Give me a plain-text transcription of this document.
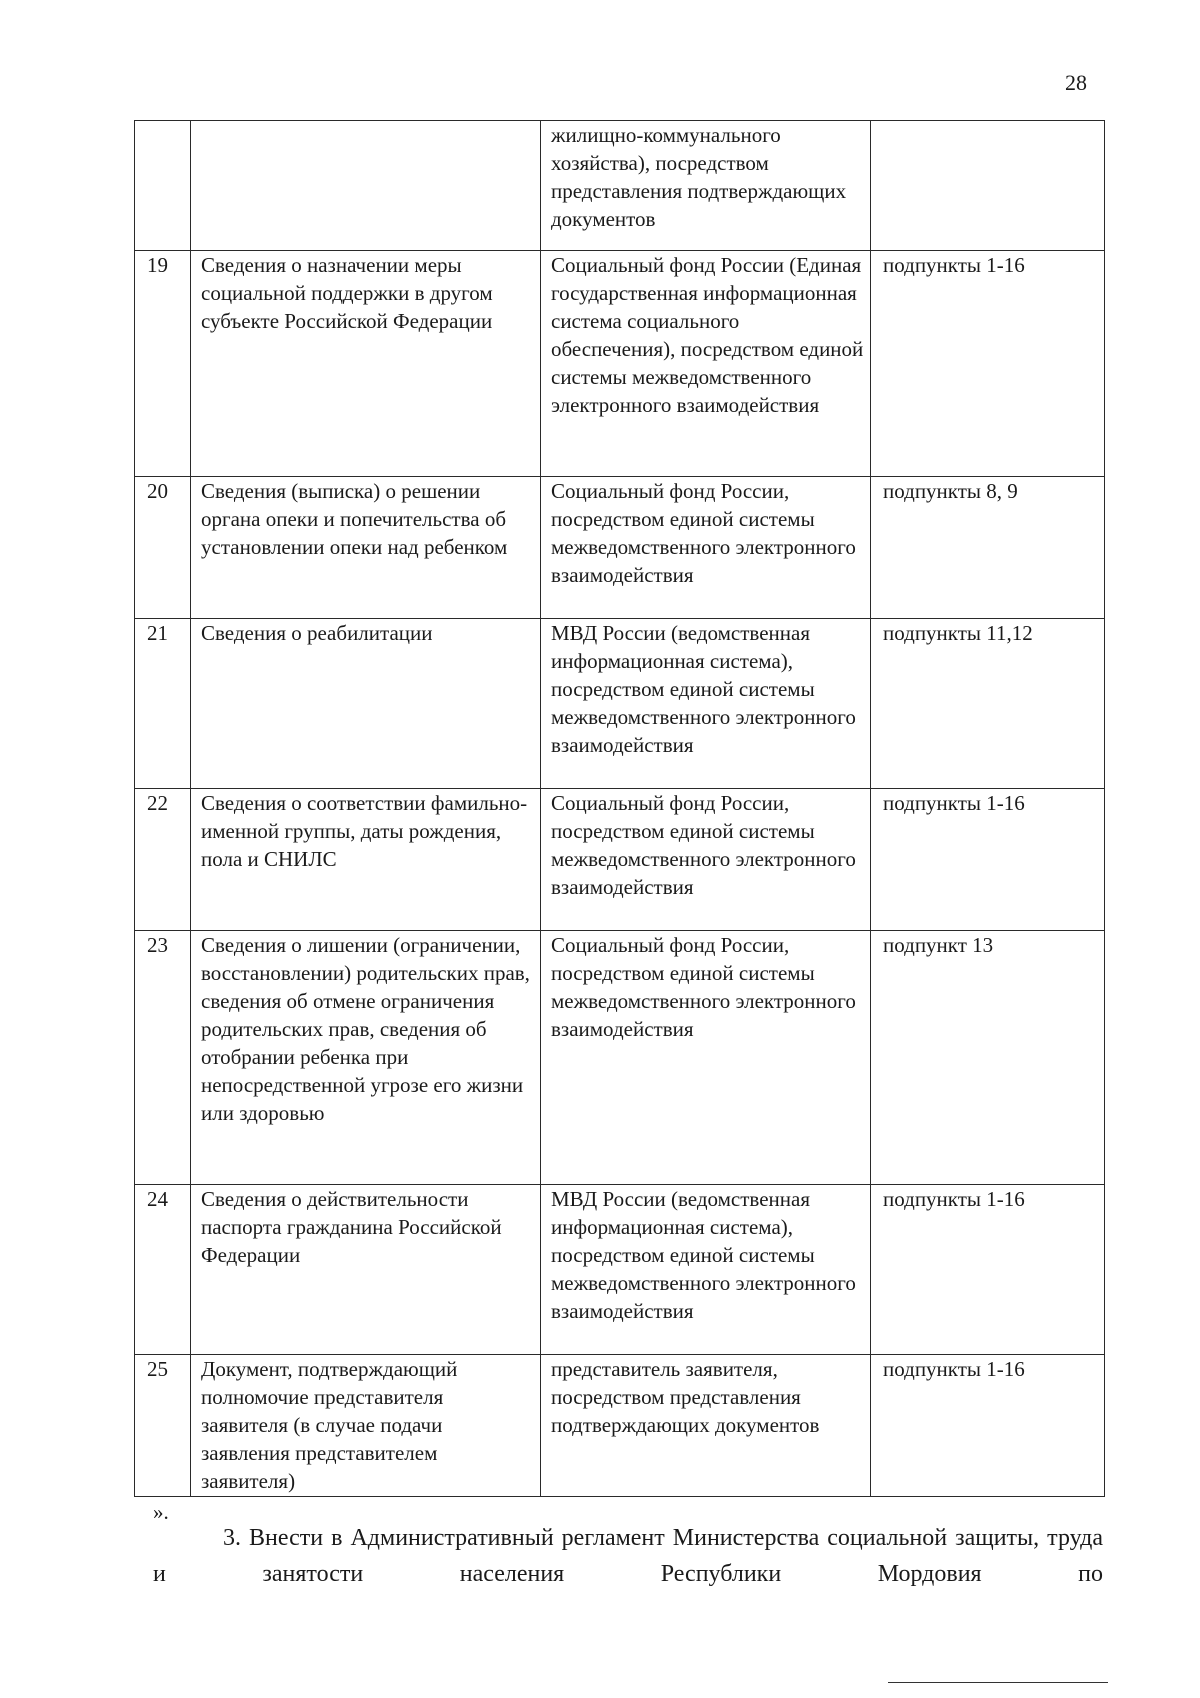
28
		жилищно-коммунального хозяйства), посредством представления подтверждающих документов	
19	Сведения о назначении меры социальной поддержки в другом субъекте Российской Федерации	Социальный фонд России (Единая государственная информационная система социального обеспечения), посредством единой системы межведомственного электронного взаимодействия	подпункты 1-16
20	Сведения (выписка) о решении органа опеки и попечительства об установлении опеки над ребенком	Социальный фонд России, посредством единой системы межведомственного электронного взаимодействия	подпункты 8, 9
21	Сведения о реабилитации	МВД России (ведомственная информационная система), посредством единой системы межведомственного электронного взаимодействия	подпункты 11,12
22	Сведения о соответствии фамильно-именной группы, даты рождения, пола и СНИЛС	Социальный фонд России, посредством единой системы межведомственного электронного взаимодействия	подпункты 1-16
23	Сведения о лишении (ограничении, восстановлении) родительских прав, сведения об отмене ограничения родительских прав, сведения об отобрании ребенка при непосредственной угрозе его жизни или здоровью	Социальный фонд России, посредством единой системы межведомственного электронного взаимодействия	подпункт 13
24	Сведения о действительности паспорта гражданина Российской Федерации	МВД России (ведомственная информационная система), посредством единой системы межведомственного электронного взаимодействия	подпункты 1-16
25	Документ, подтверждающий полномочие представителя заявителя (в случае подачи заявления представителем заявителя)	представитель заявителя, посредством представления подтверждающих документов	подпункты 1-16
».
3. Внести в Административный регламент Министерства социальной защиты, труда и занятости населения Республики Мордовия по
